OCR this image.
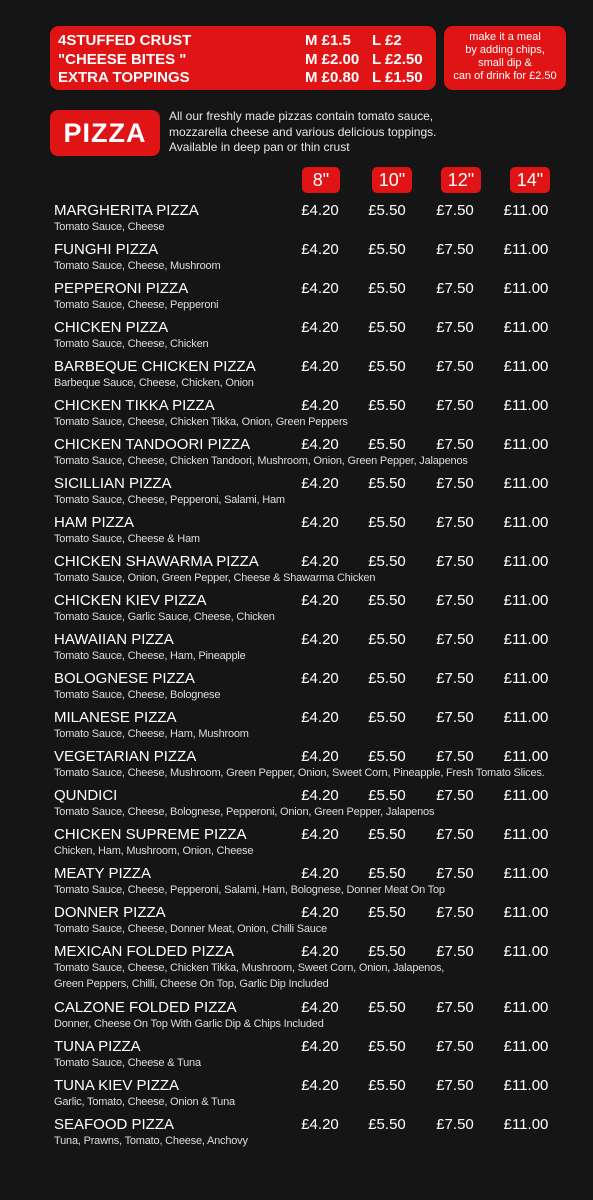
4STUFFED CRUST	M £1.5 L £2
"CHEESE BITES "	M £2.00 L £2.50
EXTRA TOPPINGS	M £0.80 L £1.50
make it a meal
by adding chips,
small dip &
can of drink for £2.50
PIZZA
All our freshly made pizzas contain tomato sauce,
mozzarella cheese and various delicious toppings.
Available in deep pan or thin crust
8"	10"	12"	14"
MARGHERITA PIZZA
Tomato Sauce, Cheese
£4.20	£5.50	£7.50	£11.00
FUNGHI PIZZA
Tomato Sauce, Cheese, Mushroom
£4.20	£5.50	£7.50	£11.00
PEPPERONI PIZZA
Tomato Sauce, Cheese, Pepperoni
£4.20	£5.50	£7.50	£11.00
CHICKEN PIZZA
Tomato Sauce, Cheese, Chicken
£4.20	£5.50	£7.50	£11.00
BARBEQUE CHICKEN PIZZA
Barbeque Sauce, Cheese, Chicken, Onion
£4.20	£5.50	£7.50	£11.00
CHICKEN TIKKA PIZZA
Tomato Sauce, Cheese, Chicken Tikka, Onion, Green Peppers
£4.20	£5.50	£7.50	£11.00
CHICKEN TANDOORI PIZZA
Tomato Sauce, Cheese, Chicken Tandoori, Mushroom, Onion, Green Pepper, Jalapenos
£4.20	£5.50	£7.50	£11.00
SICILLIAN PIZZA
Tomato Sauce, Cheese, Pepperoni, Salami, Ham
£4.20	£5.50	£7.50	£11.00
HAM PIZZA
Tomato Sauce, Cheese & Ham
£4.20	£5.50	£7.50	£11.00
CHICKEN SHAWARMA PIZZA
Tomato Sauce, Onion, Green Pepper, Cheese & Shawarma Chicken
£4.20	£5.50	£7.50	£11.00
CHICKEN KIEV PIZZA
Tomato Sauce, Garlic Sauce, Cheese, Chicken
£4.20	£5.50	£7.50	£11.00
HAWAIIAN PIZZA
Tomato Sauce, Cheese, Ham, Pineapple
£4.20	£5.50	£7.50	£11.00
BOLOGNESE PIZZA
Tomato Sauce, Cheese, Bolognese
£4.20	£5.50	£7.50	£11.00
MILANESE PIZZA
Tomato Sauce, Cheese, Ham, Mushroom
£4.20	£5.50	£7.50	£11.00
VEGETARIAN PIZZA
Tomato Sauce, Cheese, Mushroom, Green Pepper, Onion, Sweet Corn, Pineapple, Fresh Tomato Slices.
£4.20	£5.50	£7.50	£11.00
QUNDICI
Tomato Sauce, Cheese, Bolognese, Pepperoni, Onion, Green Pepper, Jalapenos
£4.20	£5.50	£7.50	£11.00
CHICKEN SUPREME PIZZA
Chicken, Ham, Mushroom, Onion, Cheese
£4.20	£5.50	£7.50	£11.00
MEATY PIZZA
Tomato Sauce, Cheese, Pepperoni, Salami, Ham, Bolognese, Donner Meat On Top
£4.20	£5.50	£7.50	£11.00
DONNER PIZZA
Tomato Sauce, Cheese, Donner Meat, Onion, Chilli Sauce
£4.20	£5.50	£7.50	£11.00
MEXICAN FOLDED PIZZA
Tomato Sauce, Cheese, Chicken Tikka, Mushroom, Sweet Corn, Onion, Jalapenos,
Green Peppers, Chilli, Cheese On Top, Garlic Dip Included
£4.20	£5.50	£7.50	£11.00
CALZONE FOLDED PIZZA
Donner, Cheese On Top With Garlic Dip & Chips Included
£4.20	£5.50	£7.50	£11.00
TUNA PIZZA
Tomato Sauce, Cheese & Tuna
£4.20	£5.50	£7.50	£11.00
TUNA KIEV PIZZA
Garlic, Tomato, Cheese, Onion & Tuna
£4.20	£5.50	£7.50	£11.00
SEAFOOD PIZZA
Tuna, Prawns, Tomato, Cheese, Anchovy
£4.20	£5.50	£7.50	£11.00
